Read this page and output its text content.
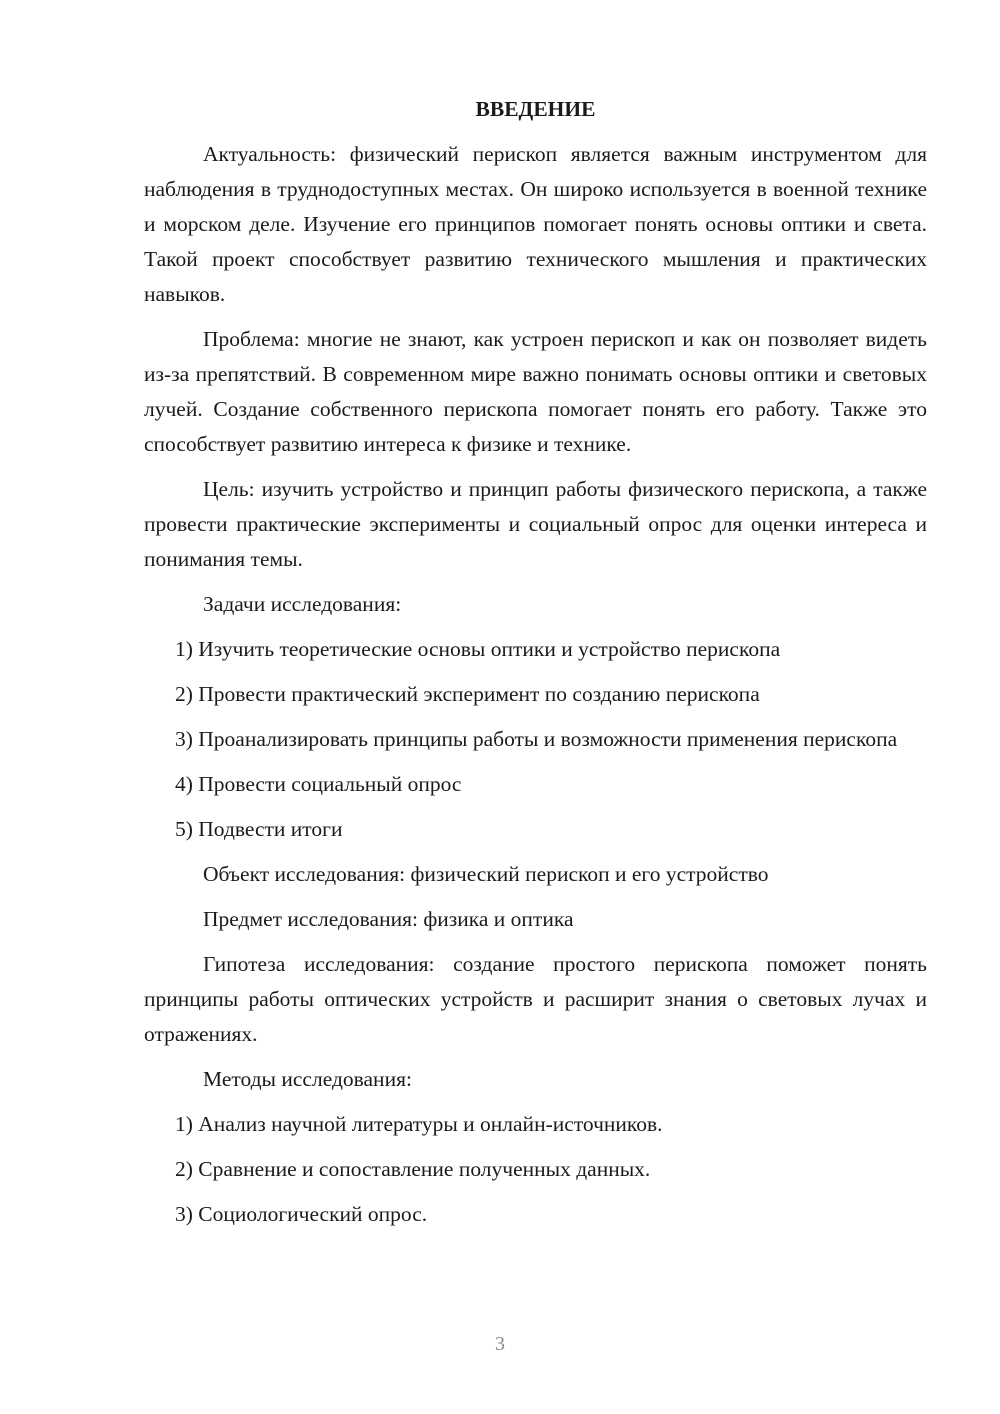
ВВЕДЕНИЕ

Актуальность: физический перископ является важным инструментом для наблюдения в труднодоступных местах. Он широко используется в военной технике и морском деле. Изучение его принципов помогает понять основы оптики и света. Такой проект способствует развитию технического мышления и практических навыков.

Проблема: многие не знают, как устроен перископ и как он позволяет видеть из-за препятствий. В современном мире важно понимать основы оптики и световых лучей. Создание собственного перископа помогает понять его работу. Также это способствует развитию интереса к физике и технике.

Цель: изучить устройство и принцип работы физического перископа, а также провести практические эксперименты и социальный опрос для оценки интереса и понимания темы.

Задачи исследования:

1) Изучить теоретические основы оптики и устройство перископа

2) Провести практический эксперимент по созданию перископа

3) Проанализировать принципы работы и возможности применения перископа

4) Провести социальный опрос

5) Подвести итоги

Объект исследования: физический перископ и его устройство

Предмет исследования: физика и оптика

Гипотеза исследования: создание простого перископа поможет понять принципы работы оптических устройств и расширит знания о световых лучах и отражениях.

Методы исследования:

1) Анализ научной литературы и онлайн-источников.

2) Сравнение и сопоставление полученных данных.

3) Социологический опрос.

3
